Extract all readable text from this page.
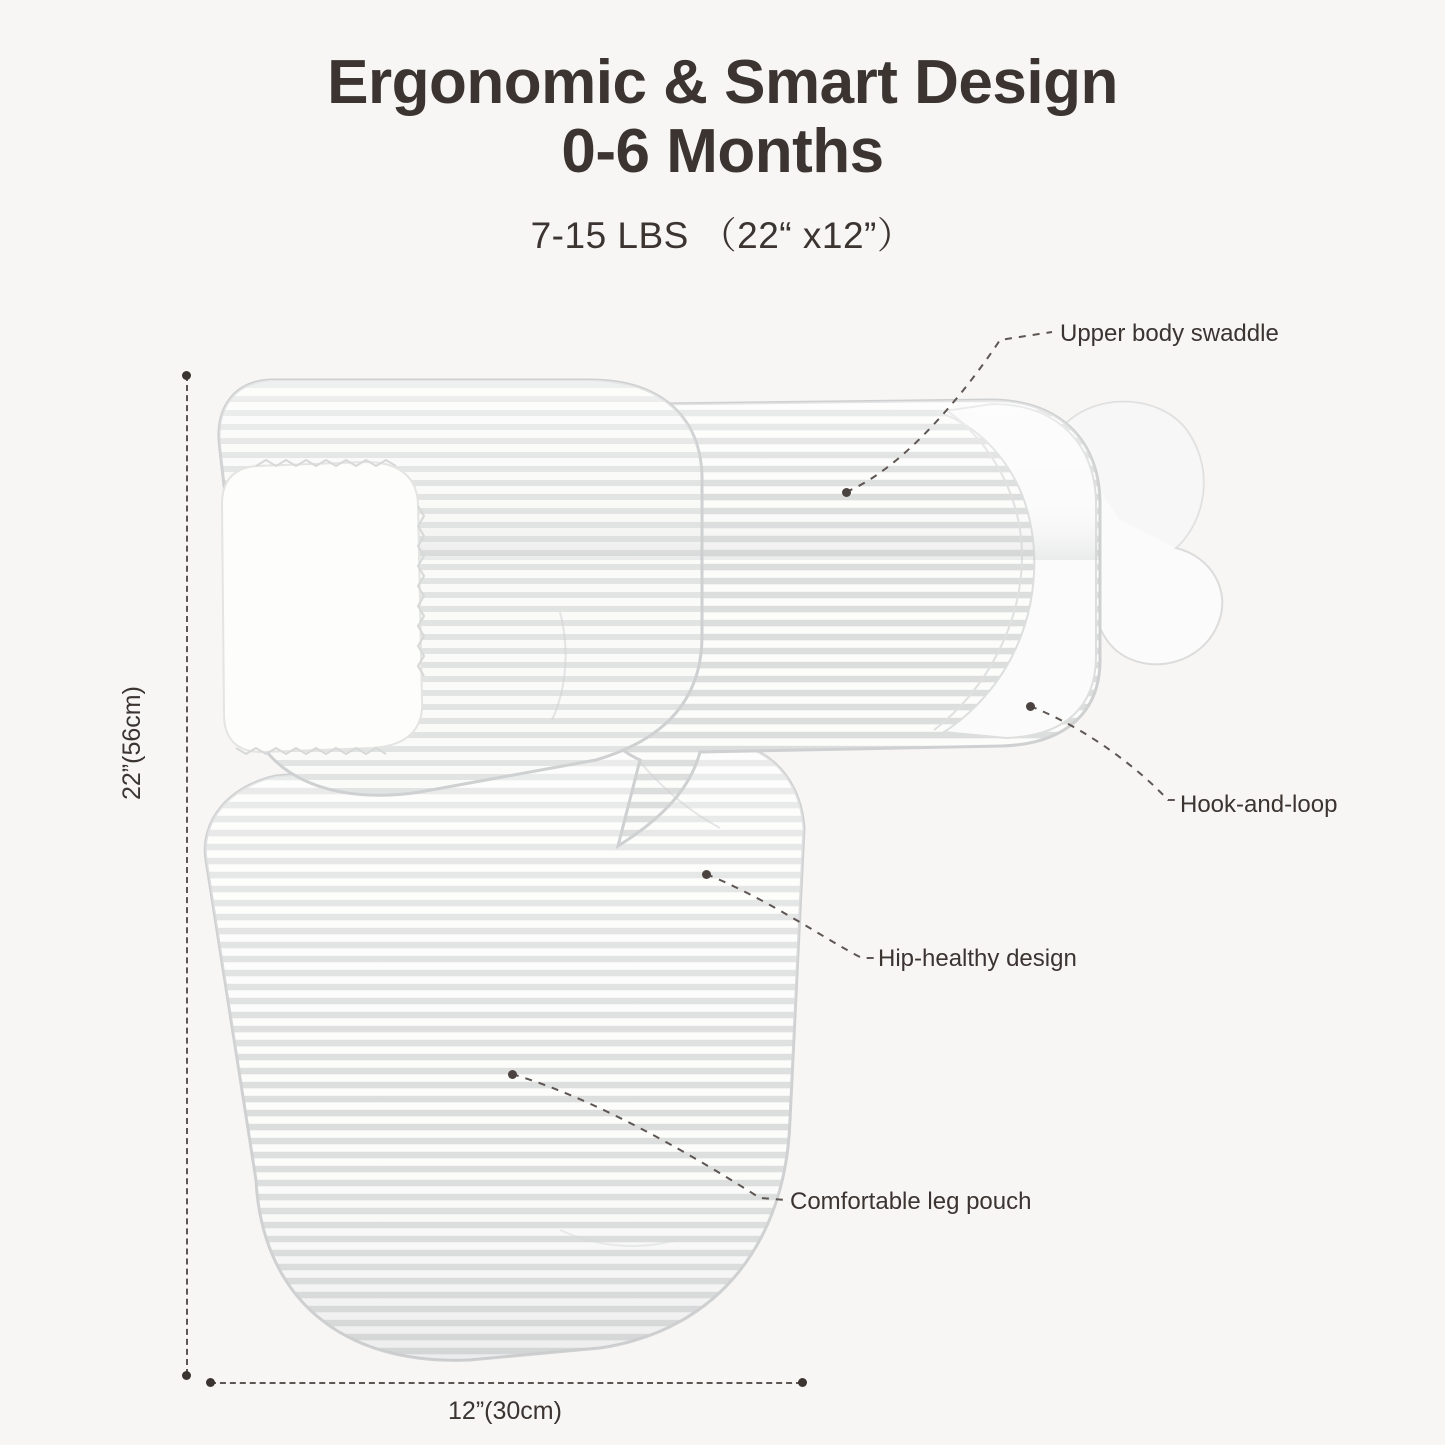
Ergonomic & Smart Design
0-6 Months
7-15 LBS （22“ x12”）
22”(56cm)
12”(30cm)
Upper body swaddle
Hook-and-loop
Hip-healthy design
Comfortable leg pouch
